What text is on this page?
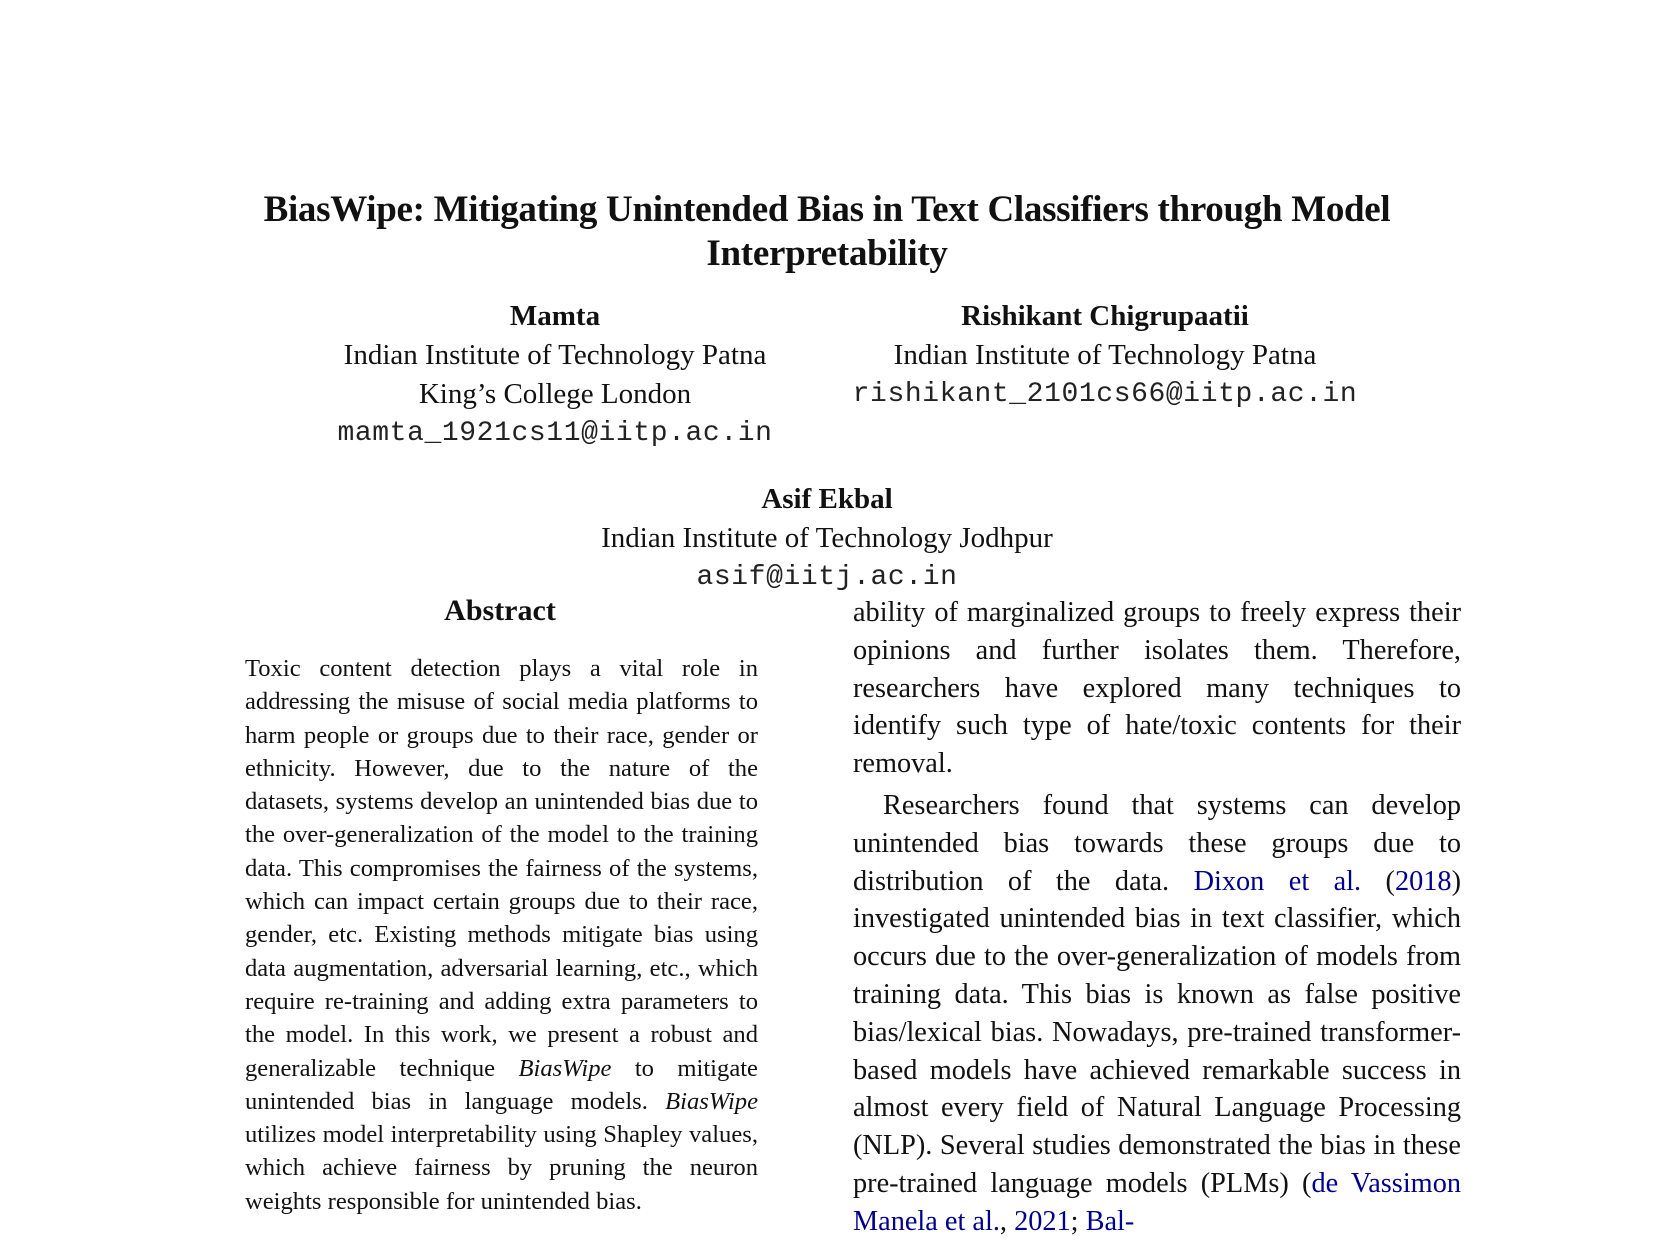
BiasWipe: Mitigating Unintended Bias in Text Classifiers through Model
Interpretability
Mamta
Indian Institute of Technology Patna
King’s College London
mamta_1921cs11@iitp.ac.in
Rishikant Chigrupaatii
Indian Institute of Technology Patna
rishikant_2101cs66@iitp.ac.in
Asif Ekbal
Indian Institute of Technology Jodhpur
asif@iitj.ac.in
Abstract

Toxic content detection plays a vital role in addressing the misuse of social media platforms to harm people or groups due to their race, gender or ethnicity. However, due to the nature of the datasets, systems develop an unintended bias due to the over-generalization of the model to the training data. This compromises the fairness of the systems, which can impact certain groups due to their race, gender, etc. Existing methods mitigate bias using data augmentation, adversarial learning, etc., which require re-training and adding extra parameters to the model. In this work, we present a robust and generalizable technique BiasWipe to mitigate unintended bias in language models. BiasWipe utilizes model interpretability using Shapley values, which achieve fairness by pruning the neuron weights responsible for unintended bias.

ability of marginalized groups to freely express their opinions and further isolates them. Therefore, researchers have explored many techniques to identify such type of hate/toxic contents for their removal.

Researchers found that systems can develop unintended bias towards these groups due to distribution of the data. Dixon et al. (2018) investigated unintended bias in text classifier, which occurs due to the over-generalization of models from training data. This bias is known as false positive bias/lexical bias. Nowadays, pre-trained transformer-based models have achieved remarkable success in almost every field of Natural Language Processing (NLP). Several studies demonstrated the bias in these pre-trained language models (PLMs) (de Vassimon Manela et al., 2021; Bal-
